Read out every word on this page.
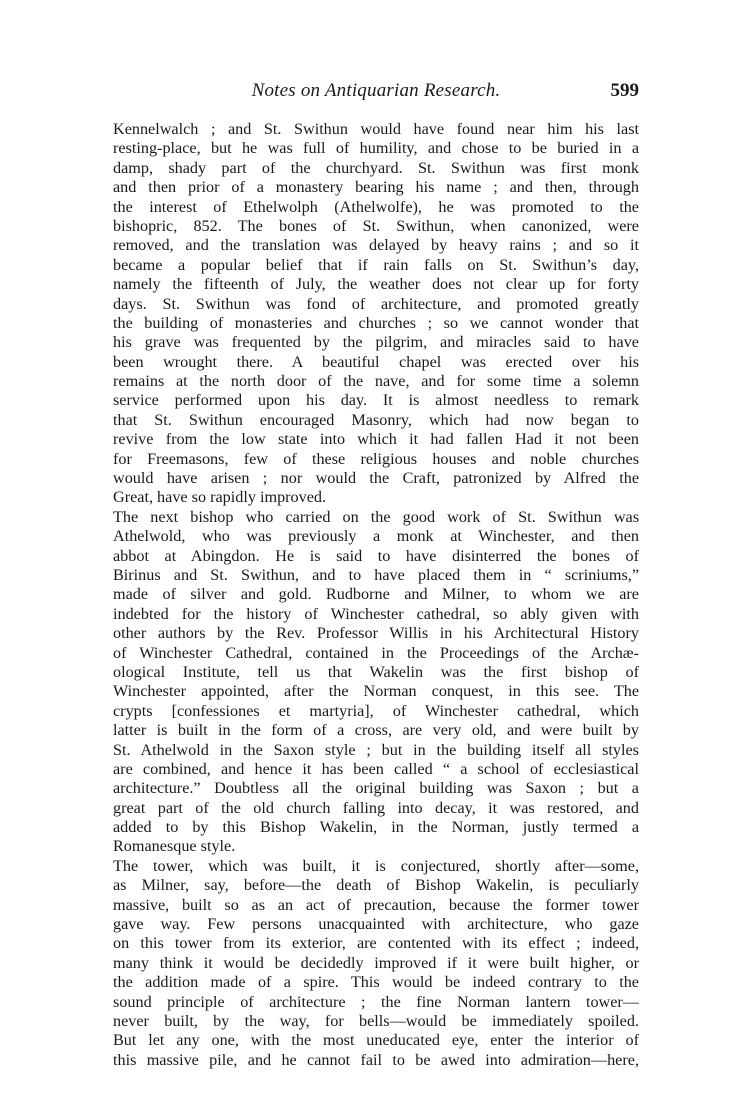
Notes on Antiquarian Research.	599
Kennelwalch ; and St. Swithun would have found near him his last
resting-place, but he was full of humility, and chose to be buried in a
damp, shady part of the churchyard. St. Swithun was first monk
and then prior of a monastery bearing his name ; and then, through
the interest of Ethelwolph (Athelwolfe), he was promoted to the
bishopric, 852. The bones of St. Swithun, when canonized, were
removed, and the translation was delayed by heavy rains ; and so it
became a popular belief that if rain falls on St. Swithun’s day,
namely the fifteenth of July, the weather does not clear up for forty
days. St. Swithun was fond of architecture, and promoted greatly
the building of monasteries and churches ; so we cannot wonder that
his grave was frequented by the pilgrim, and miracles said to have
been wrought there. A beautiful chapel was erected over his
remains at the north door of the nave, and for some time a solemn
service performed upon his day. It is almost needless to remark
that St. Swithun encouraged Masonry, which had now began to
revive from the low state into which it had fallen Had it not been
for Freemasons, few of these religious houses and noble churches
would have arisen ; nor would the Craft, patronized by Alfred the
Great, have so rapidly improved.
The next bishop who carried on the good work of St. Swithun was
Athelwold, who was previously a monk at Winchester, and then
abbot at Abingdon. He is said to have disinterred the bones of
Birinus and St. Swithun, and to have placed them in “ scriniums,”
made of silver and gold. Rudborne and Milner, to whom we are
indebted for the history of Winchester cathedral, so ably given with
other authors by the Rev. Professor Willis in his Architectural History
of Winchester Cathedral, contained in the Proceedings of the Archæ-
ological Institute, tell us that Wakelin was the first bishop of
Winchester appointed, after the Norman conquest, in this see. The
crypts [confessiones et martyria], of Winchester cathedral, which
latter is built in the form of a cross, are very old, and were built by
St. Athelwold in the Saxon style ; but in the building itself all styles
are combined, and hence it has been called “ a school of ecclesiastical
architecture.” Doubtless all the original building was Saxon ; but a
great part of the old church falling into decay, it was restored, and
added to by this Bishop Wakelin, in the Norman, justly termed a
Romanesque style.
The tower, which was built, it is conjectured, shortly after—some,
as Milner, say, before—the death of Bishop Wakelin, is peculiarly
massive, built so as an act of precaution, because the former tower
gave way. Few persons unacquainted with architecture, who gaze
on this tower from its exterior, are contented with its effect ; indeed,
many think it would be decidedly improved if it were built higher, or
the addition made of a spire. This would be indeed contrary to the
sound principle of architecture ; the fine Norman lantern tower—
never built, by the way, for bells—would be immediately spoiled.
But let any one, with the most uneducated eye, enter the interior of
this massive pile, and he cannot fail to be awed into admiration—here,
